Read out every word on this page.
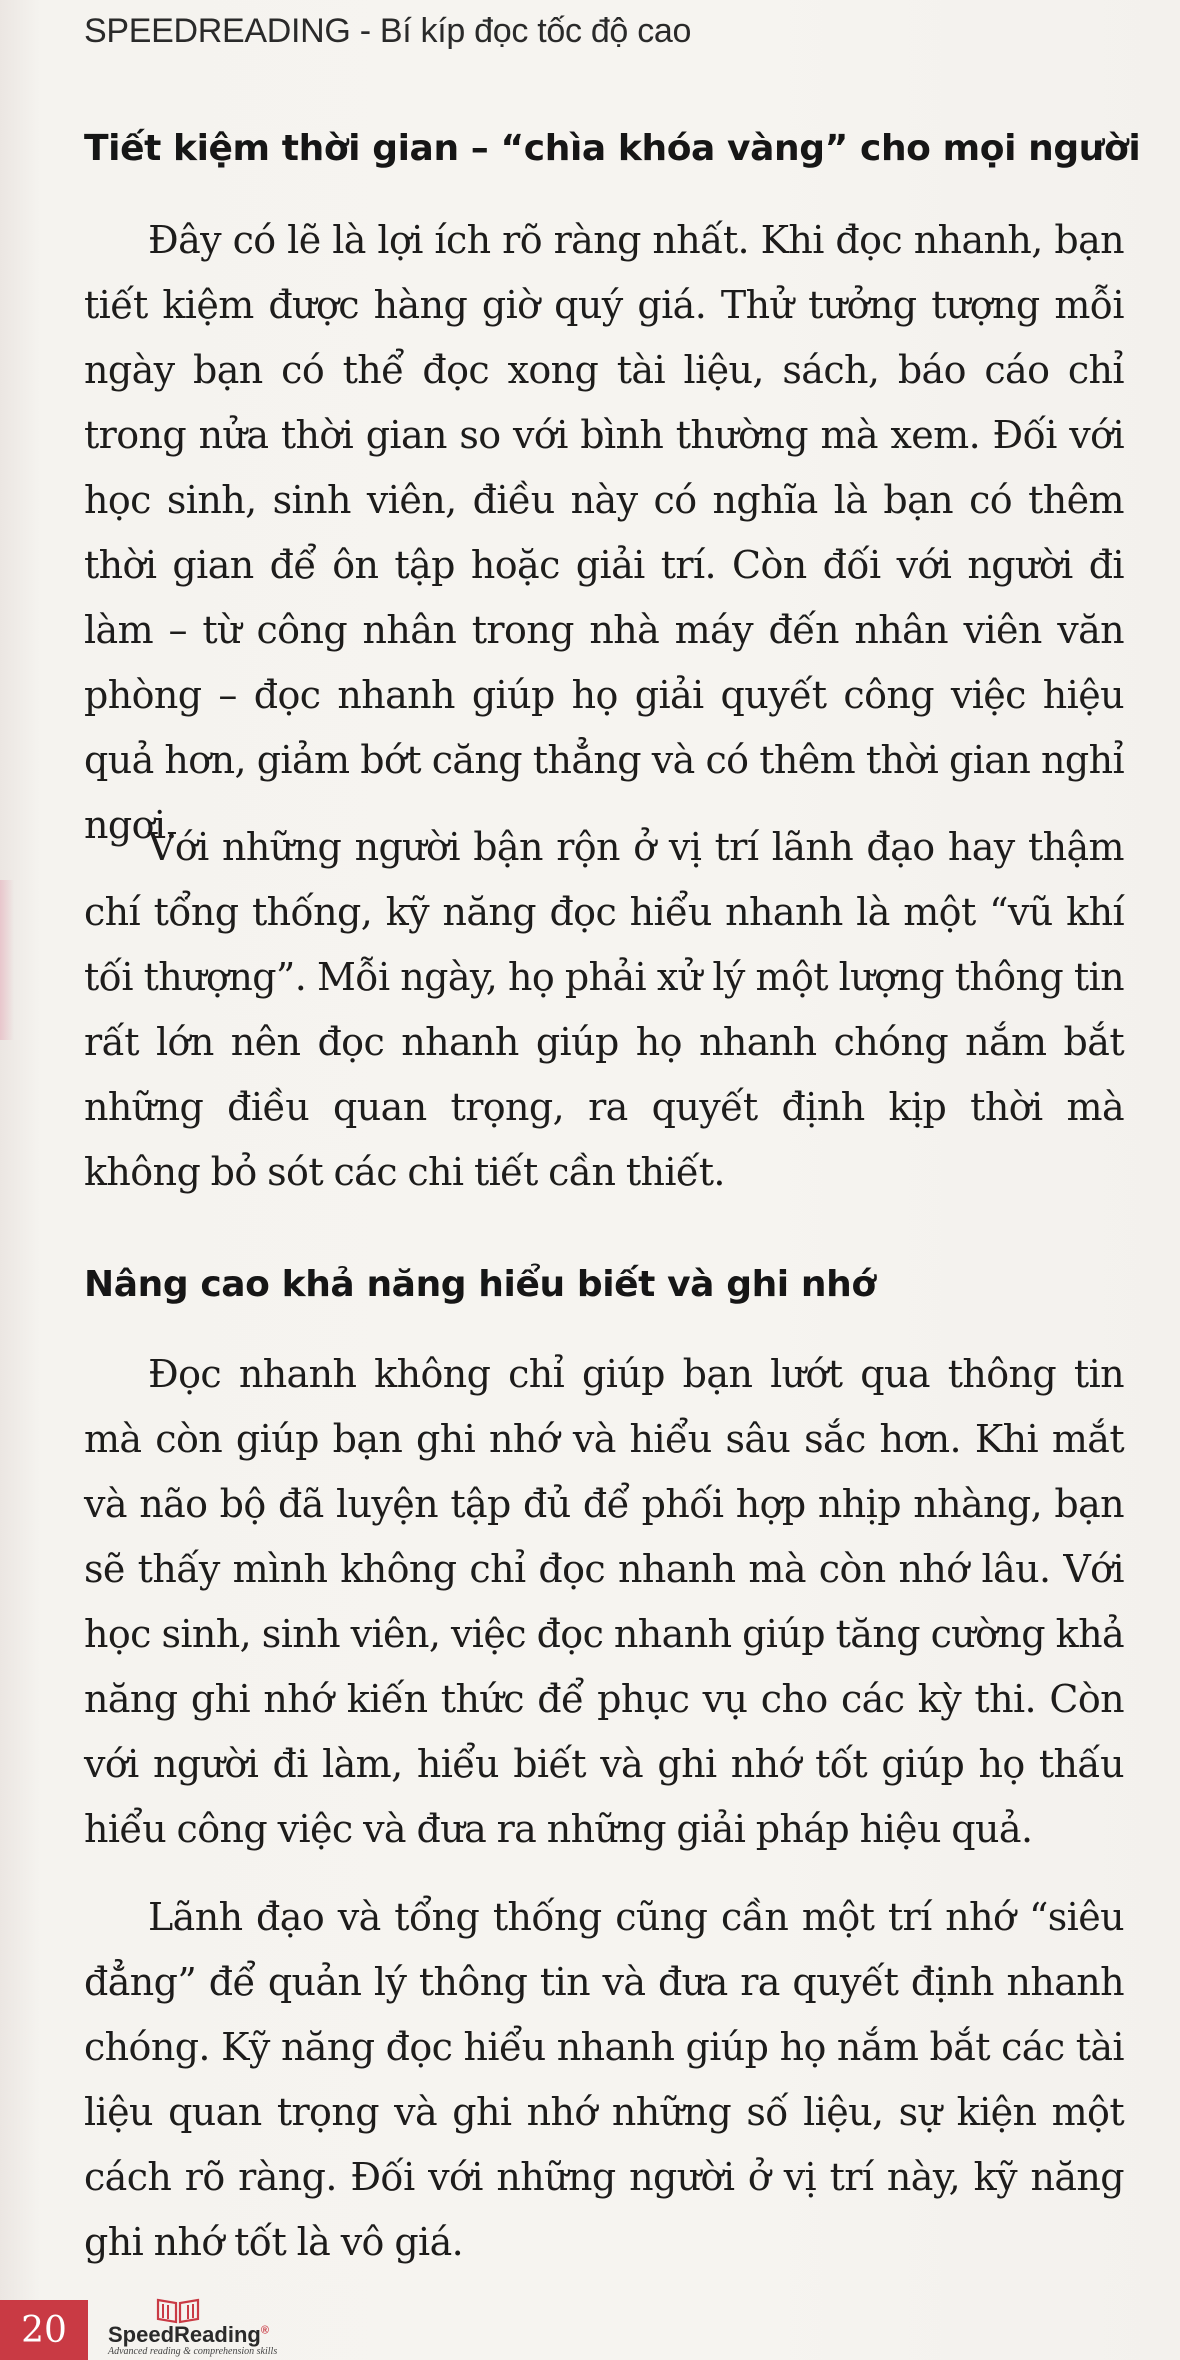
SPEEDREADING - Bí kíp đọc tốc độ cao
Tiết kiệm thời gian – “chìa khóa vàng” cho mọi người

Đây có lẽ là lợi ích rõ ràng nhất. Khi đọc nhanh, bạn tiết kiệm được hàng giờ quý giá. Thử tưởng tượng mỗi ngày bạn có thể đọc xong tài liệu, sách, báo cáo chỉ trong nửa thời gian so với bình thường mà xem. Đối với học sinh, sinh viên, điều này có nghĩa là bạn có thêm thời gian để ôn tập hoặc giải trí. Còn đối với người đi làm – từ công nhân trong nhà máy đến nhân viên văn phòng – đọc nhanh giúp họ giải quyết công việc hiệu quả hơn, giảm bớt căng thẳng và có thêm thời gian nghỉ ngơi.

Với những người bận rộn ở vị trí lãnh đạo hay thậm chí tổng thống, kỹ năng đọc hiểu nhanh là một “vũ khí tối thượng”. Mỗi ngày, họ phải xử lý một lượng thông tin rất lớn nên đọc nhanh giúp họ nhanh chóng nắm bắt những điều quan trọng, ra quyết định kịp thời mà không bỏ sót các chi tiết cần thiết.

Nâng cao khả năng hiểu biết và ghi nhớ

Đọc nhanh không chỉ giúp bạn lướt qua thông tin mà còn giúp bạn ghi nhớ và hiểu sâu sắc hơn. Khi mắt và não bộ đã luyện tập đủ để phối hợp nhịp nhàng, bạn sẽ thấy mình không chỉ đọc nhanh mà còn nhớ lâu. Với học sinh, sinh viên, việc đọc nhanh giúp tăng cường khả năng ghi nhớ kiến thức để phục vụ cho các kỳ thi. Còn với người đi làm, hiểu biết và ghi nhớ tốt giúp họ thấu hiểu công việc và đưa ra những giải pháp hiệu quả.

Lãnh đạo và tổng thống cũng cần một trí nhớ “siêu đẳng” để quản lý thông tin và đưa ra quyết định nhanh chóng. Kỹ năng đọc hiểu nhanh giúp họ nắm bắt các tài liệu quan trọng và ghi nhớ những số liệu, sự kiện một cách rõ ràng. Đối với những người ở vị trí này, kỹ năng ghi nhớ tốt là vô giá.

20 SpeedReading®
Advanced reading & comprehension skills
